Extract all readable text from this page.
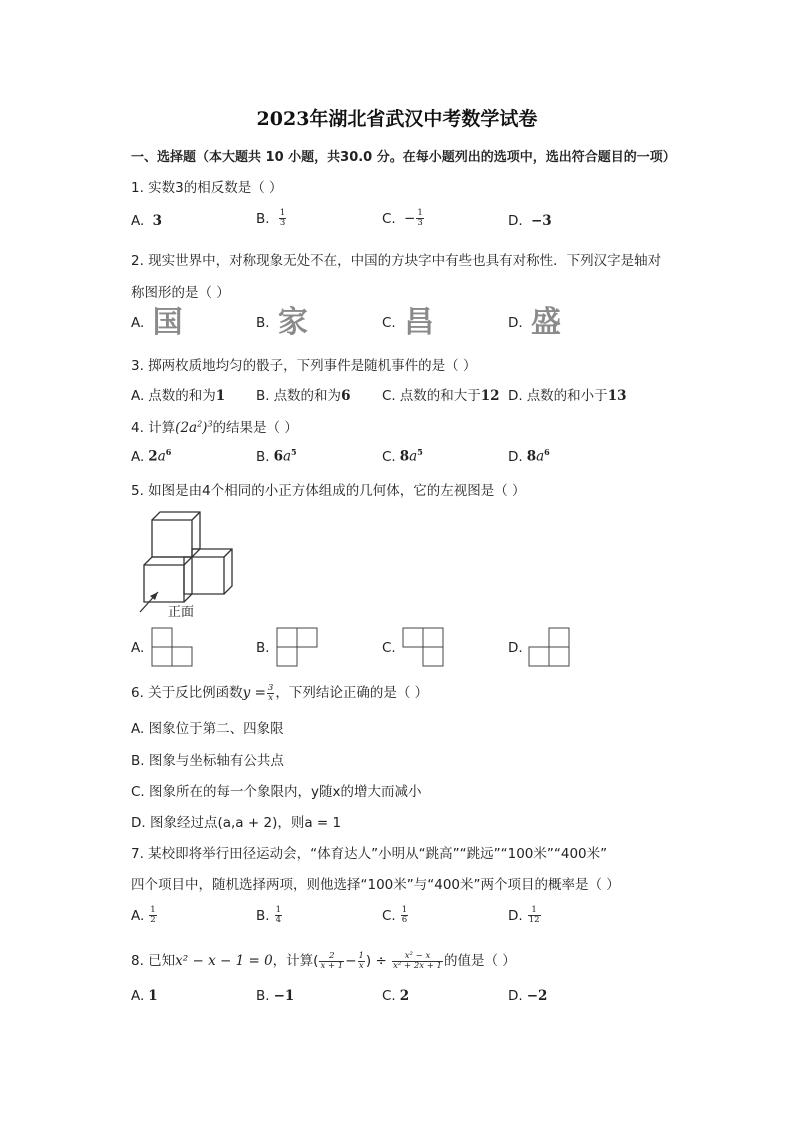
2023年湖北省武汉中考数学试卷
一、选择题（本大题共 10 小题，共30.0 分。在每小题列出的选项中，选出符合题目的一项）
1. 实数3的相反数是（ ）
A. 3	B. $\frac{1}{3}$	C. − $\frac{1}{3}$	D. −3
2. 现实世界中，对称现象无处不在，中国的方块字中有些也具有对称性．下列汉字是轴对
称图形的是（ ）
A. 国	B. 家	C. 昌	D. 盛
3. 掷两枚质地均匀的骰子，下列事件是随机事件的是（ ）
A. 点数的和为1 B. 点数的和为6 C. 点数的和大于12 D. 点数的和小于13
4. 计算$(2a^2)^3$的结果是（ ）
A. $2a^6$	B. $6a^5$	C. $8a^5$	D. $8a^6$
5. 如图是由4个相同的小正方体组成的几何体，它的左视图是（ ）
正面
A.	B.	C.	D.
6. 关于反比例函数$y = \frac{3}{x}$ ，下列结论正确的是（ ）
A. 图象位于第二、四象限
B. 图象与坐标轴有公共点
C. 图象所在的每一个象限内，y随x的增大而减小
D. 图象经过点(a,a + 2)，则a = 1
7. 某校即将举行田径运动会，“体育达人”小明从“跳高”“跳远”“100米”“400米”
四个项目中，随机选择两项，则他选择“100米”与“400米”两个项目的概率是（ ）
A. $\frac{1}{2}$	B. $\frac{1}{4}$	C. $\frac{1}{6}$	D. $\frac{1}{12}$
8. 已知x² − x − 1 = 0，计算( $\frac{2}{x + 1} - \frac{1}{x}$ ) ÷ $\frac{\text{x² − x}}{\text{x² + 2x + 1}}$ 的值是（ ）
A. 1	B. −1	C. 2	D. −2
